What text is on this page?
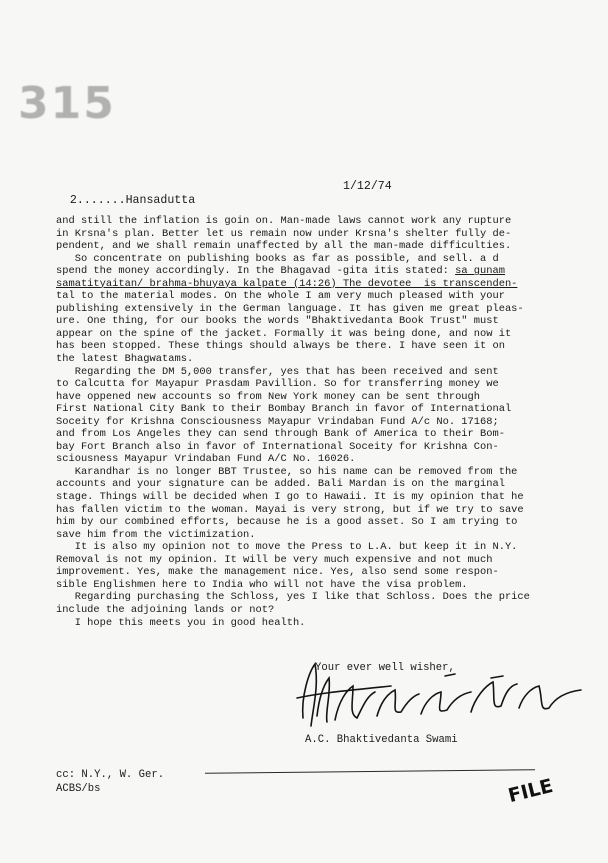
315

2.......Hansadutta

1/12/74

and still the inflation is goin on. Man-made laws cannot work any rupture
in Krsna's plan. Better let us remain now under Krsna's shelter fully de-
pendent, and we shall remain unaffected by all the man-made difficulties.
So concentrate on publishing books as far as possible, and sell. a d
spend the money accordingly. In the Bhagavad -gita itis stated: sa gunam
samatityaitan/ brahma-bhuyaya kalpate (14:26) The devotee  is transcenden-
tal to the material modes. On the whole I am very much pleased with your
publishing extensively in the German language. It has given me great pleas-
ure. One thing, for our books the words "Bhaktivedanta Book Trust" must
appear on the spine of the jacket. Formally it was being done, and now it
has been stopped. These things should always be there. I have seen it on
the latest Bhagwatams.
Regarding the DM 5,000 transfer, yes that has been received and sent
to Calcutta for Mayapur Prasdam Pavillion. So for transferring money we
have oppened new accounts so from New York money can be sent through
First National City Bank to their Bombay Branch in favor of International
Soceity for Krishna Consciousness Mayapur Vrindaban Fund A/c No. 17168;
and from Los Angeles they can send through Bank of America to their Bom-
bay Fort Branch also in favor of International Soceity for Krishna Con-
sciousness Mayapur Vrindaban Fund A/C No. 16026.
Karandhar is no longer BBT Trustee, so his name can be removed from the
accounts and your signature can be added. Bali Mardan is on the marginal
stage. Things will be decided when I go to Hawaii. It is my opinion that he
has fallen victim to the woman. Mayai is very strong, but if we try to save
him by our combined efforts, because he is a good asset. So I am trying to
save him from the victimization.
It is also my opinion not to move the Press to L.A. but keep it in N.Y.
Removal is not my opinion. It will be very much expensive and not much
improvement. Yes, make the management nice. Yes, also send some respon-
sible Englishmen here to India who will not have the visa problem.
Regarding purchasing the Schloss, yes I like that Schloss. Does the price
include the adjoining lands or not?
I hope this meets you in good health.
Your ever well wisher,
A.C. Bhaktivedanta Swami
cc: N.Y., W. Ger.
ACBS/bs	FILE
